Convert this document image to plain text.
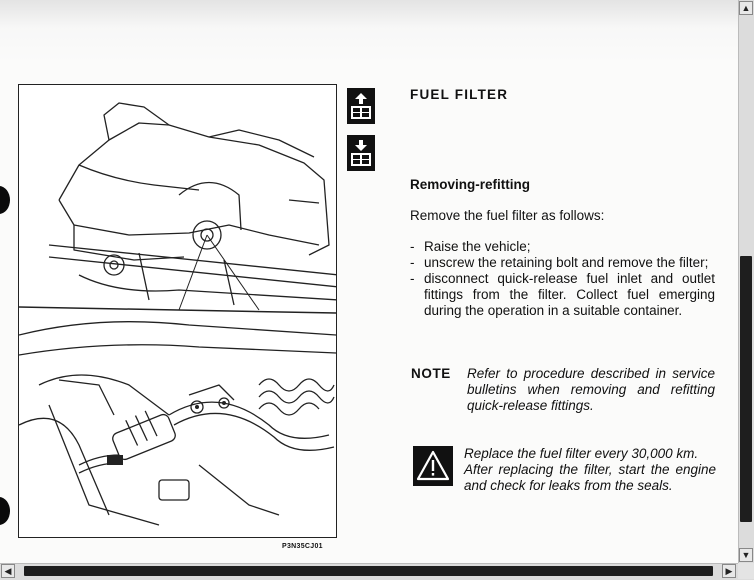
P3N35CJ01
FUEL FILTER
Removing-refitting
Remove the fuel filter as follows:
- Raise the vehicle;
- unscrew the retaining bolt and remove the filter;
- disconnect quick-release fuel inlet and outlet fittings from the filter. Collect fuel emerging during the operation in a suitable container.
NOTE Refer to procedure described in service bulletins when removing and refitting quick-release fittings.
Replace the fuel filter every 30,000 km.
After replacing the filter, start the engine and check for leaks from the seals.
▲
▼
◀	▶
